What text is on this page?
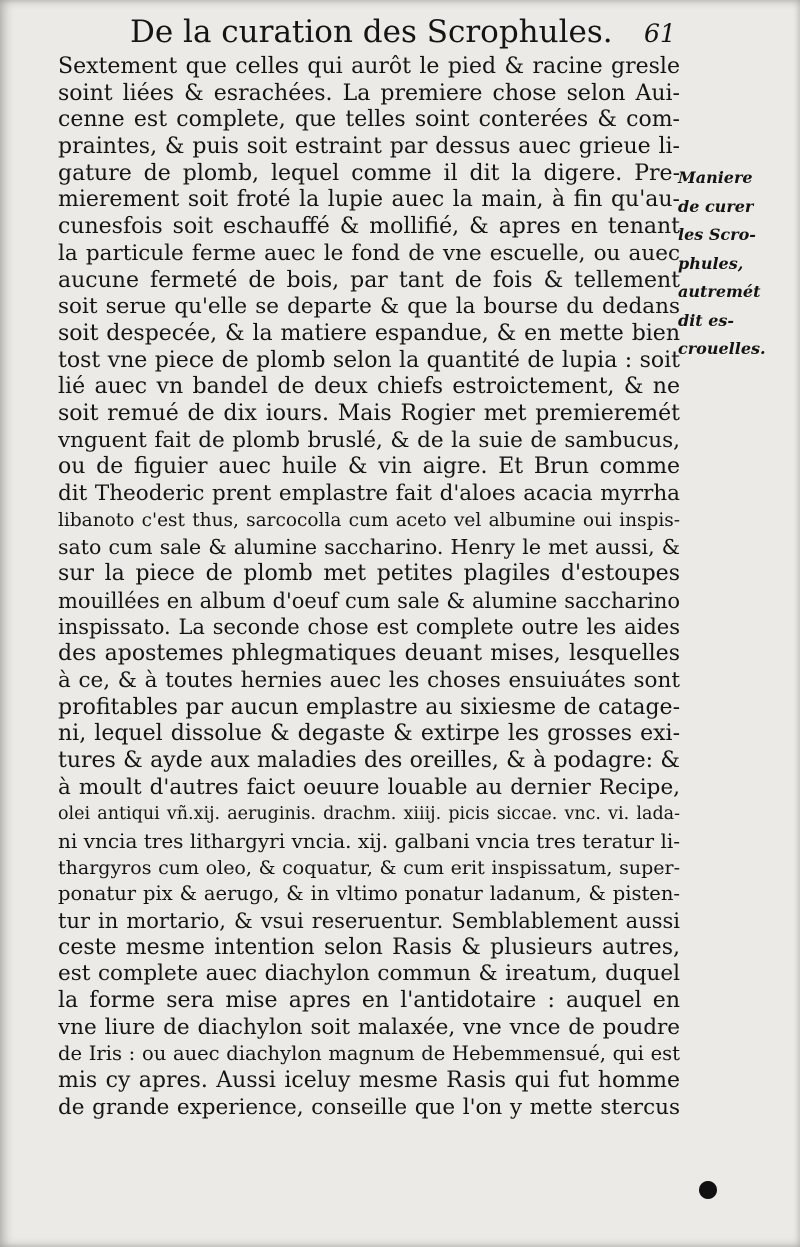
De la curation des Scrophules. 61
Sextement que celles qui aurôt le pied & racine gresle
soint liées & esrachées. La premiere chose selon Aui-
cenne est complete, que telles soint conterées & com-
praintes, & puis soit estraint par dessus auec grieue li-
gature de plomb, lequel comme il dit la digere. Pre-
mierement soit froté la lupie auec la main, à fin qu'au-
cunesfois soit eschauffé & mollifié, & apres en tenant
la particule ferme auec le fond de vne escuelle, ou auec
aucune fermeté de bois, par tant de fois & tellement
soit serue qu'elle se departe & que la bourse du dedans
soit despecée, & la matiere espandue, & en mette bien
tost vne piece de plomb selon la quantité de lupia : soit
lié auec vn bandel de deux chiefs estroictement, & ne
soit remué de dix iours. Mais Rogier met premieremét
vnguent fait de plomb bruslé, & de la suie de sambucus,
ou de figuier auec huile & vin aigre. Et Brun comme
dit Theoderic prent emplastre fait d'aloes acacia myrrha
libanoto c'est thus, sarcocolla cum aceto vel albumine oui inspis-
sato cum sale & alumine saccharino. Henry le met aussi, &
sur la piece de plomb met petites plagiles d'estoupes
mouillées en album d'oeuf cum sale & alumine saccharino
inspissato. La seconde chose est complete outre les aides
des apostemes phlegmatiques deuant mises, lesquelles
à ce, & à toutes hernies auec les choses ensuiuátes sont
profitables par aucun emplastre au sixiesme de catage-
ni, lequel dissolue & degaste & extirpe les grosses exi-
tures & ayde aux maladies des oreilles, & à podagre: &
à moult d'autres faict oeuure louable au dernier Recipe,
olei antiqui vñ.xij. aeruginis. drachm. xiiij. picis siccae. vnc. vi. lada-
ni vncia tres lithargyri vncia. xij. galbani vncia tres teratur li-
thargyros cum oleo, & coquatur, & cum erit inspissatum, super-
ponatur pix & aerugo, & in vltimo ponatur ladanum, & pisten-
tur in mortario, & vsui reseruentur. Semblablement aussi
ceste mesme intention selon Rasis & plusieurs autres,
est complete auec diachylon commun & ireatum, duquel
la forme sera mise apres en l'antidotaire : auquel en
vne liure de diachylon soit malaxée, vne vnce de poudre
de Iris : ou auec diachylon magnum de Hebemmensué, qui est
mis cy apres. Aussi iceluy mesme Rasis qui fut homme
de grande experience, conseille que l'on y mette stercus
Maniere
de curer
les Scro-
phules,
autremét
dit es-
crouelles.
